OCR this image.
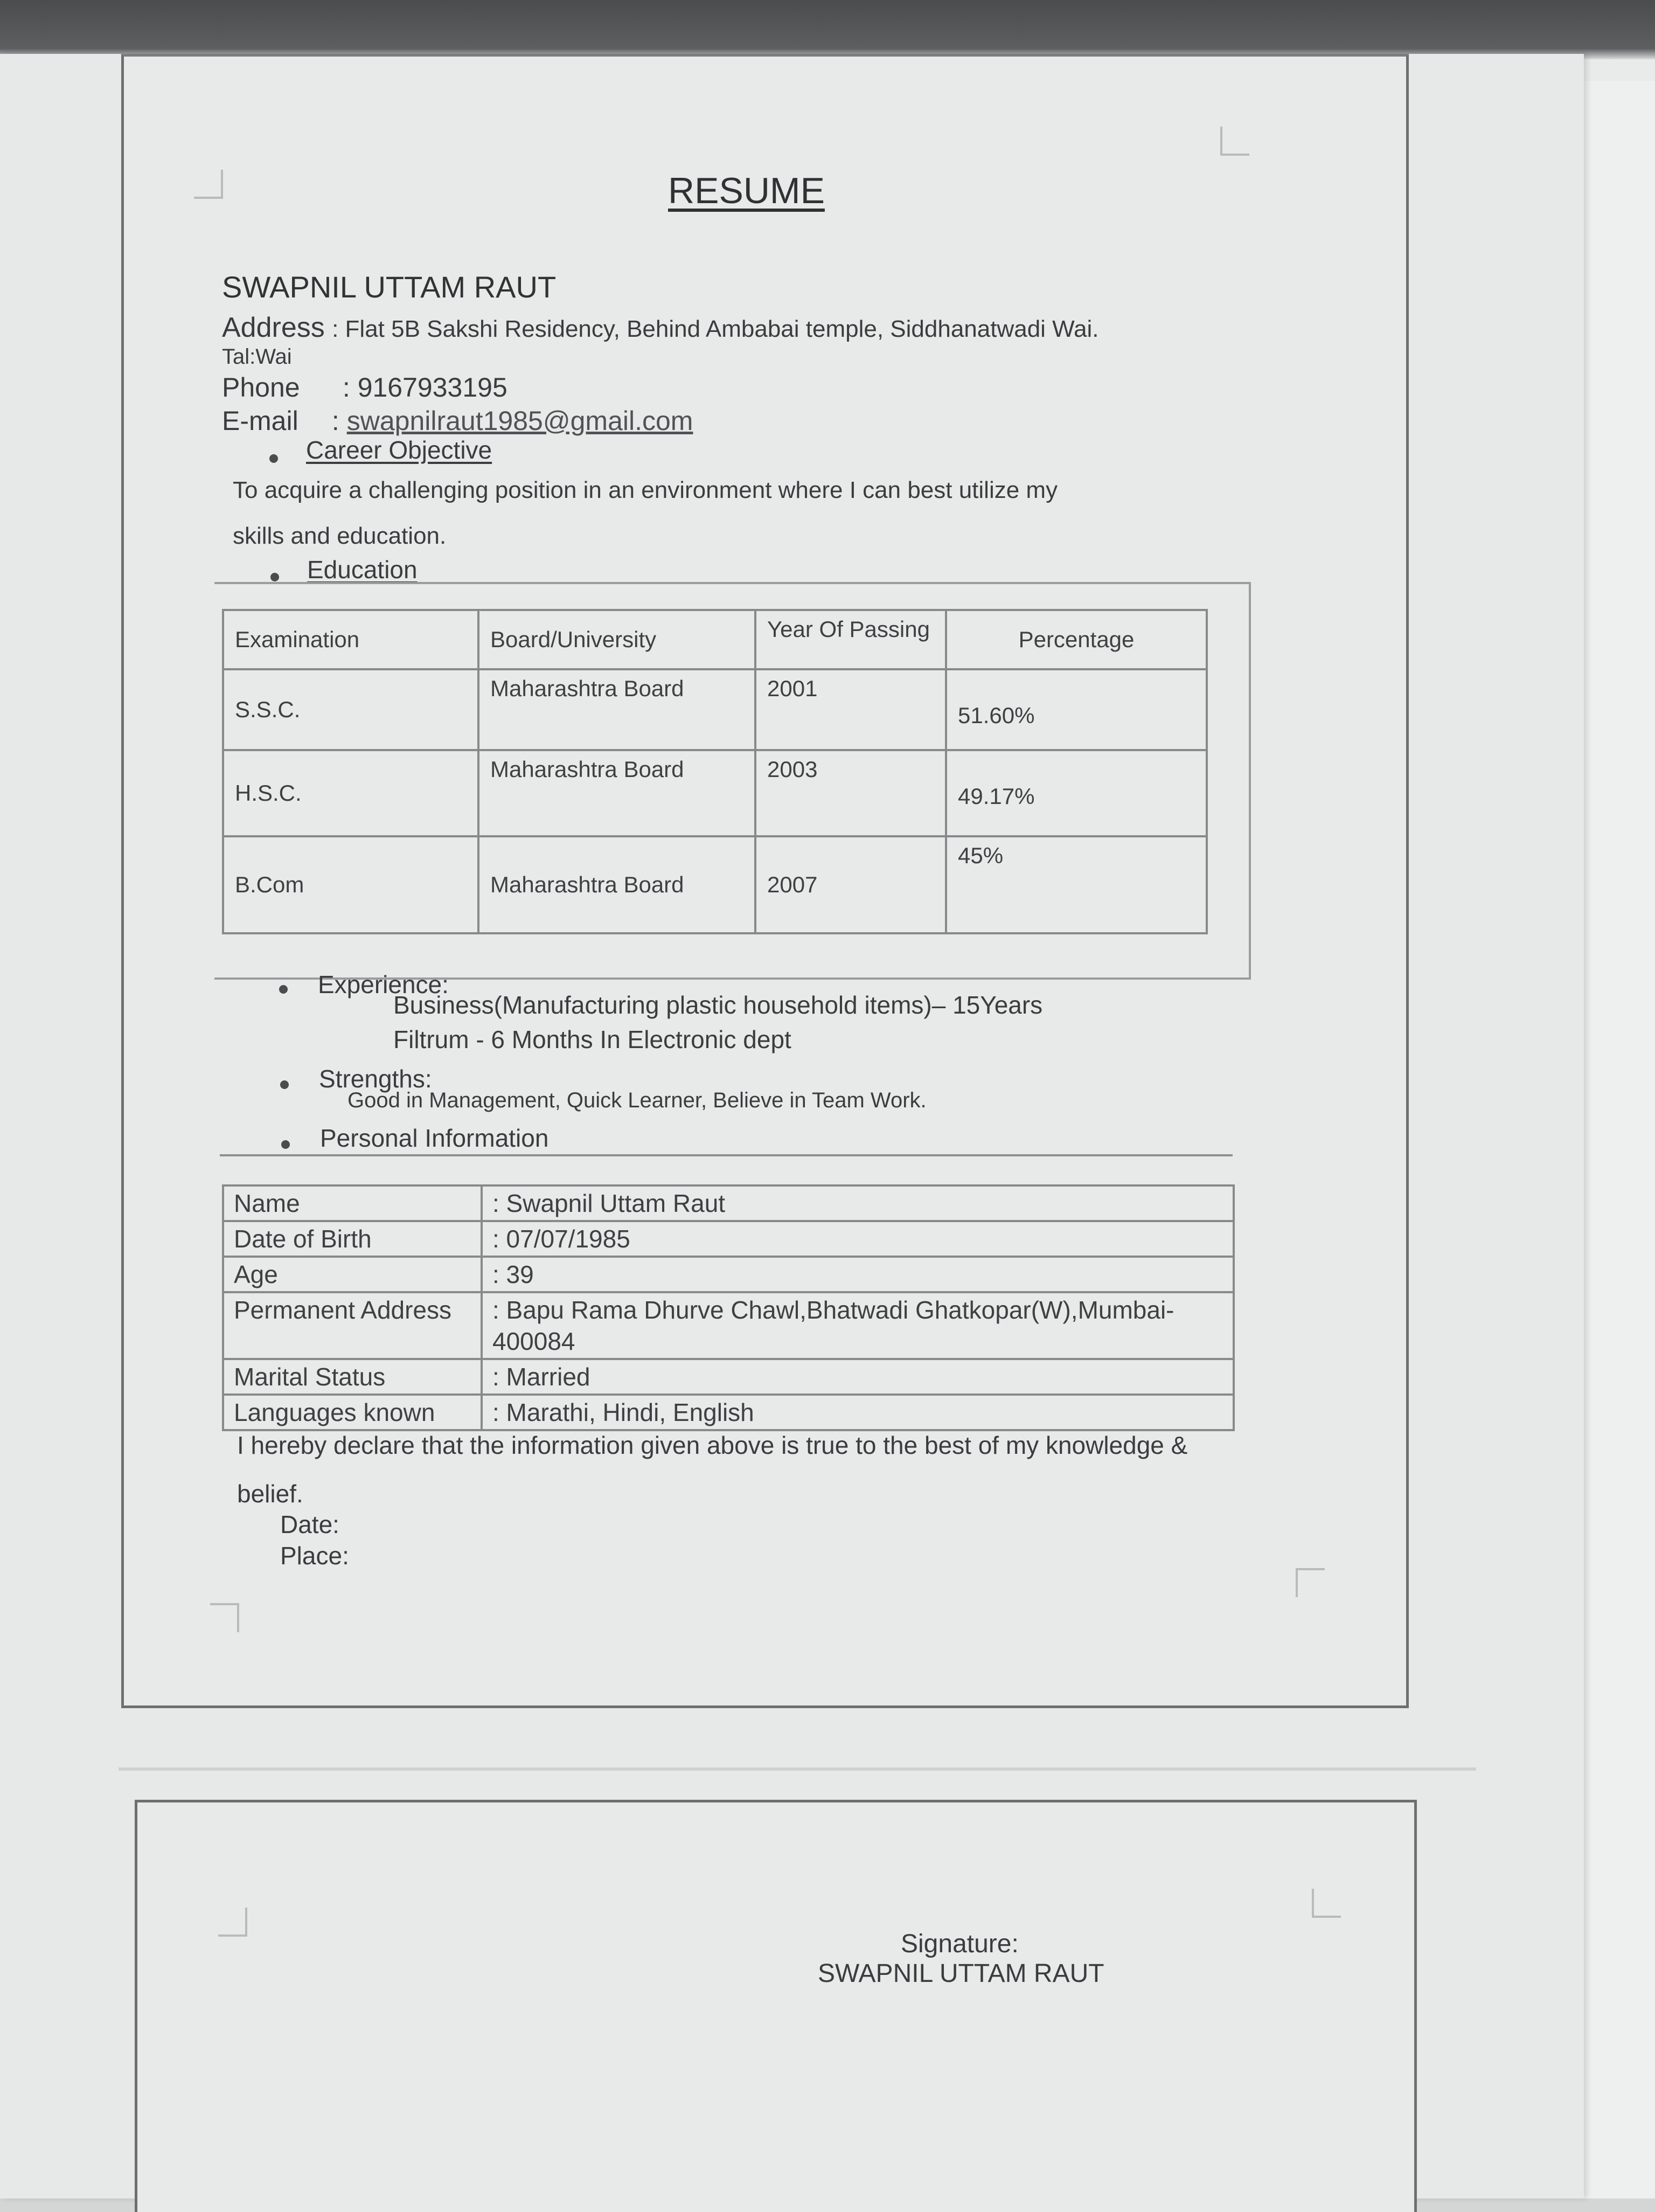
RESUME
SWAPNIL UTTAM RAUT
Address : Flat 5B Sakshi Residency, Behind Ambabai temple, Siddhanatwadi Wai.
Tal:Wai
Phone : 9167933195
E-mail : swapnilraut1985@gmail.com
Career Objective
To acquire a challenging position in an environment where I can best utilize my
skills and education.
Education
Examination	Board/University	Year Of Passing	Percentage
S.S.C.	Maharashtra Board	2001	51.60%
H.S.C.	Maharashtra Board	2003	49.17%
B.Com	Maharashtra Board	2007	45%
Experience:
Business(Manufacturing plastic household items)– 15Years
Filtrum - 6 Months In Electronic dept
Strengths:
Good in Management, Quick Learner, Believe in Team Work.
Personal Information
Name	: Swapnil Uttam Raut
Date of Birth	: 07/07/1985
Age	: 39
Permanent Address	: Bapu Rama Dhurve Chawl,Bhatwadi Ghatkopar(W),Mumbai- 400084
Marital Status	: Married
Languages known	: Marathi, Hindi, English
I hereby declare that the information given above is true to the best of my knowledge &
belief.
Date:
Place:
Signature:
SWAPNIL UTTAM RAUT
